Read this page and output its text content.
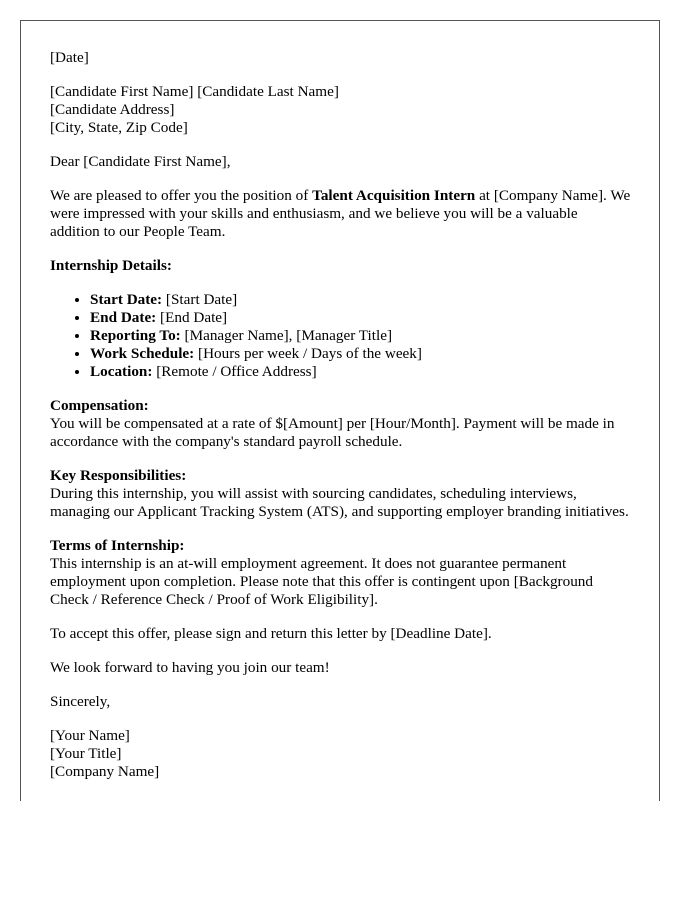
[Date]

[Candidate First Name] [Candidate Last Name]
[Candidate Address]
[City, State, Zip Code]

Dear [Candidate First Name],

We are pleased to offer you the position of Talent Acquisition Intern at [Company Name]. We were impressed with your skills and enthusiasm, and we believe you will be a valuable addition to our People Team.

Internship Details:

• Start Date: [Start Date]
• End Date: [End Date]
• Reporting To: [Manager Name], [Manager Title]
• Work Schedule: [Hours per week / Days of the week]
• Location: [Remote / Office Address]

Compensation:
You will be compensated at a rate of $[Amount] per [Hour/Month]. Payment will be made in accordance with the company's standard payroll schedule.

Key Responsibilities:
During this internship, you will assist with sourcing candidates, scheduling interviews, managing our Applicant Tracking System (ATS), and supporting employer branding initiatives.

Terms of Internship:
This internship is an at-will employment agreement. It does not guarantee permanent employment upon completion. Please note that this offer is contingent upon [Background Check / Reference Check / Proof of Work Eligibility].

To accept this offer, please sign and return this letter by [Deadline Date].

We look forward to having you join our team!

Sincerely,

[Your Name]
[Your Title]
[Company Name]
